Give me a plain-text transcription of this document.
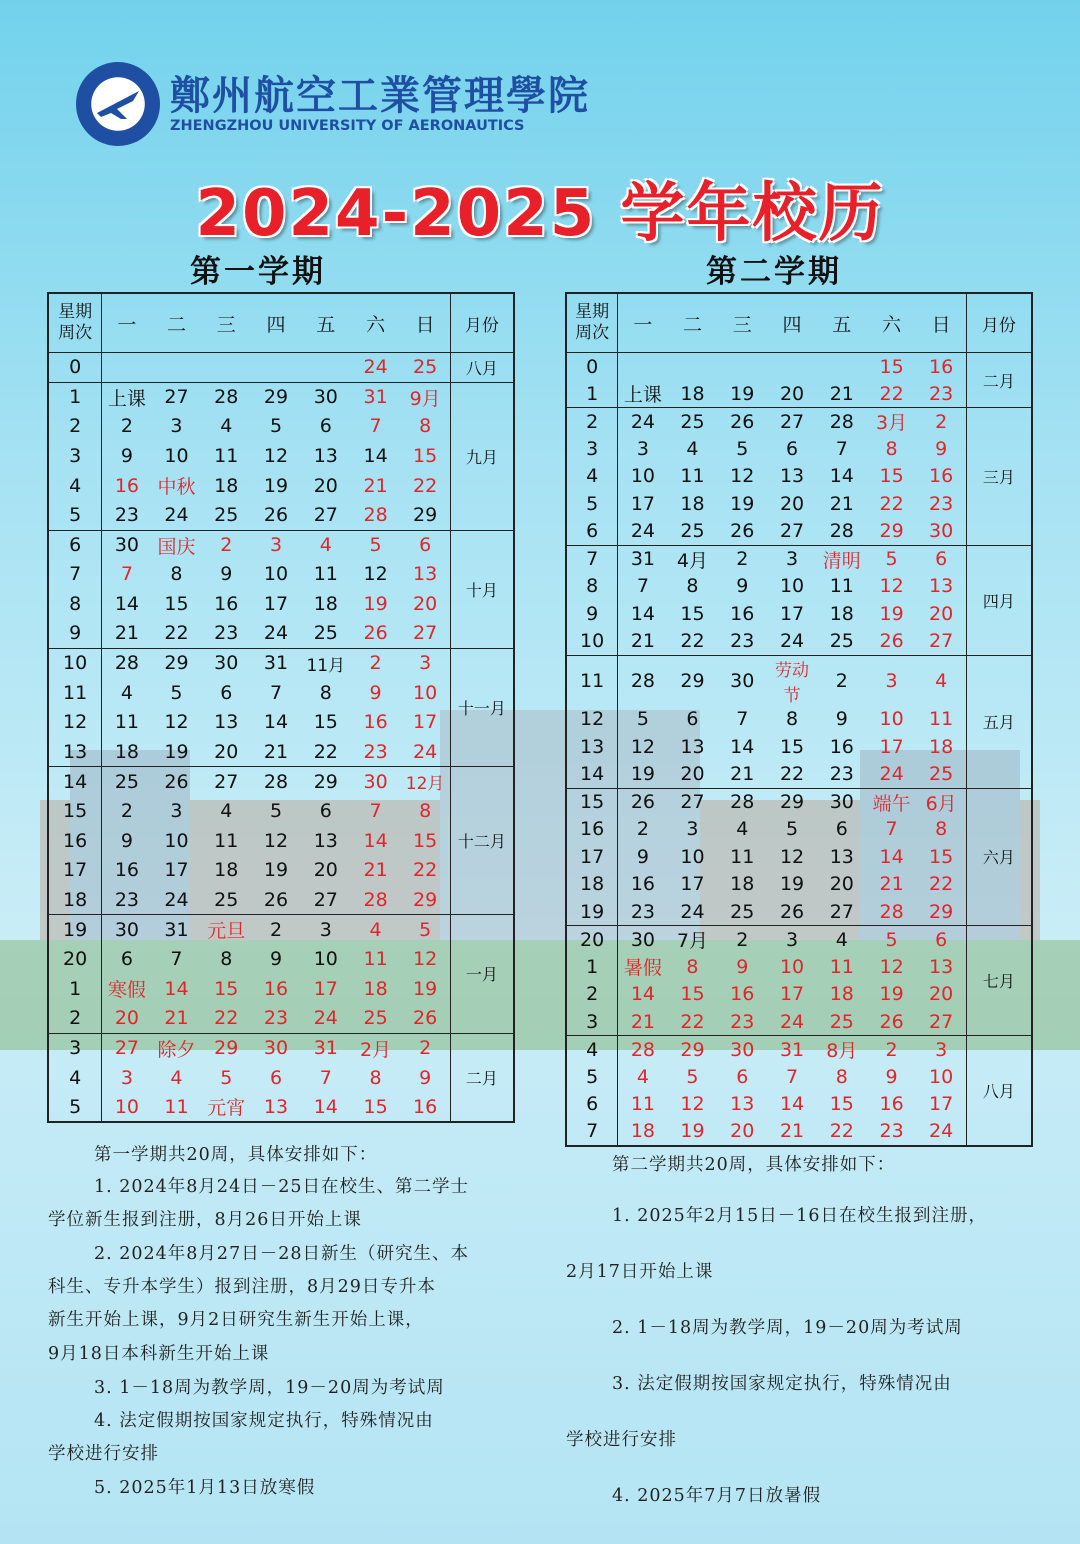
鄭州航空工業管理學院
ZHENGZHOU UNIVERSITY OF AERONAUTICS
2024-2025 学年校历
第一学期	第二学期
星期
周次	一	二	三	四	五	六	日	月份
0						24	25	八月
1	上课	27	28	29	30	31	9月	九月
2	2	3	4	5	6	7	8	
3	9	10	11	12	13	14	15	
4	16	中秋	18	19	20	21	22	
5	23	24	25	26	27	28	29	
6	30	国庆	2	3	4	5	6	十月
7	7	8	9	10	11	12	13	
8	14	15	16	17	18	19	20	
9	21	22	23	24	25	26	27	
10	28	29	30	31	11月	2	3	十一月
11	4	5	6	7	8	9	10	
12	11	12	13	14	15	16	17	
13	18	19	20	21	22	23	24	
14	25	26	27	28	29	30	12月	十二月
15	2	3	4	5	6	7	8	
16	9	10	11	12	13	14	15	
17	16	17	18	19	20	21	22	
18	23	24	25	26	27	28	29	
19	30	31	元旦	2	3	4	5	一月
20	6	7	8	9	10	11	12	
1	寒假	14	15	16	17	18	19	
2	20	21	22	23	24	25	26	
3	27	除夕	29	30	31	2月	2	二月
4	3	4	5	6	7	8	9	
5	10	11	元宵	13	14	15	16	
星期
周次	一	二	三	四	五	六	日	月份
0						15	16	二月
1	上课	18	19	20	21	22	23	
2	24	25	26	27	28	3月	2	三月
3	3	4	5	6	7	8	9	
4	10	11	12	13	14	15	16	
5	17	18	19	20	21	22	23	
6	24	25	26	27	28	29	30	
7	31	4月	2	3	清明	5	6	四月
8	7	8	9	10	11	12	13	
9	14	15	16	17	18	19	20	
10	21	22	23	24	25	26	27	
11	28	29	30	劳动节	2	3	4	五月
12	5	6	7	8	9	10	11	
13	12	13	14	15	16	17	18	
14	19	20	21	22	23	24	25	
15	26	27	28	29	30	端午	6月	六月
16	2	3	4	5	6	7	8	
17	9	10	11	12	13	14	15	
18	16	17	18	19	20	21	22	
19	23	24	25	26	27	28	29	
20	30	7月	2	3	4	5	6	七月
1	暑假	8	9	10	11	12	13	
2	14	15	16	17	18	19	20	
3	21	22	23	24	25	26	27	
4	28	29	30	31	8月	2	3	八月
5	4	5	6	7	8	9	10	
6	11	12	13	14	15	16	17	
7	18	19	20	21	22	23	24	

第一学期共20周，具体安排如下：

1. 2024年8月24日－25日在校生、第二学士

学位新生报到注册，8月26日开始上课

2. 2024年8月27日－28日新生（研究生、本

科生、专升本学生）报到注册，8月29日专升本

新生开始上课，9月2日研究生新生开始上课，

9月18日本科新生开始上课

3. 1－18周为教学周，19－20周为考试周

4. 法定假期按国家规定执行，特殊情况由

学校进行安排

5. 2025年1月13日放寒假

第二学期共20周，具体安排如下：

1. 2025年2月15日－16日在校生报到注册，

2月17日开始上课

2. 1－18周为教学周，19－20周为考试周

3. 法定假期按国家规定执行，特殊情况由

学校进行安排

4. 2025年7月7日放暑假
